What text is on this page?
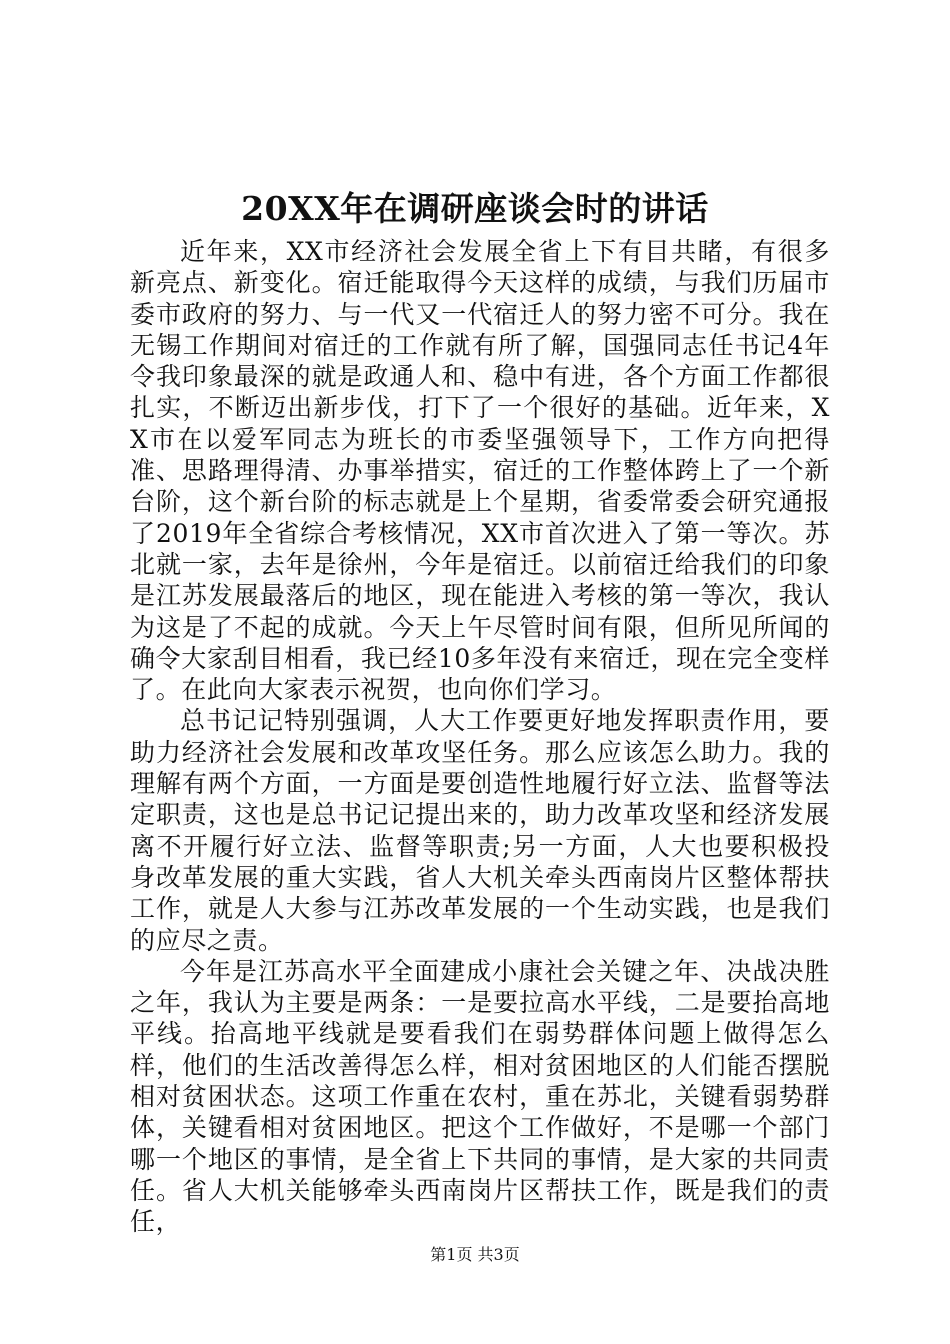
20XX年在调研座谈会时的讲话

近年来，XX市经济社会发展全省上下有目共睹，有很多新亮点、新变化。宿迁能取得今天这样的成绩，与我们历届市委市政府的努力、与一代又一代宿迁人的努力密不可分。我在无锡工作期间对宿迁的工作就有所了解，国强同志任书记4年令我印象最深的就是政通人和、稳中有进，各个方面工作都很扎实，不断迈出新步伐，打下了一个很好的基础。近年来，XX市在以爱军同志为班长的市委坚强领导下，工作方向把得准、思路理得清、办事举措实，宿迁的工作整体跨上了一个新台阶，这个新台阶的标志就是上个星期，省委常委会研究通报了2019年全省综合考核情况，XX市首次进入了第一等次。苏北就一家，去年是徐州，今年是宿迁。以前宿迁给我们的印象是江苏发展最落后的地区，现在能进入考核的第一等次，我认为这是了不起的成就。今天上午尽管时间有限，但所见所闻的确令大家刮目相看，我已经10多年没有来宿迁，现在完全变样了。在此向大家表示祝贺，也向你们学习。

总书记记特别强调，人大工作要更好地发挥职责作用，要助力经济社会发展和改革攻坚任务。那么应该怎么助力。我的理解有两个方面，一方面是要创造性地履行好立法、监督等法定职责，这也是总书记记提出来的，助力改革攻坚和经济发展离不开履行好立法、监督等职责;另一方面，人大也要积极投身改革发展的重大实践，省人大机关牵头西南岗片区整体帮扶工作，就是人大参与江苏改革发展的一个生动实践，也是我们的应尽之责。

今年是江苏高水平全面建成小康社会关键之年、决战决胜之年，我认为主要是两条：一是要拉高水平线，二是要抬高地平线。抬高地平线就是要看我们在弱势群体问题上做得怎么样，他们的生活改善得怎么样，相对贫困地区的人们能否摆脱相对贫困状态。这项工作重在农村，重在苏北，关键看弱势群体，关键看相对贫困地区。把这个工作做好，不是哪一个部门哪一个地区的事情，是全省上下共同的事情，是大家的共同责任。省人大机关能够牵头西南岗片区帮扶工作，既是我们的责任，

第1页 共3页
